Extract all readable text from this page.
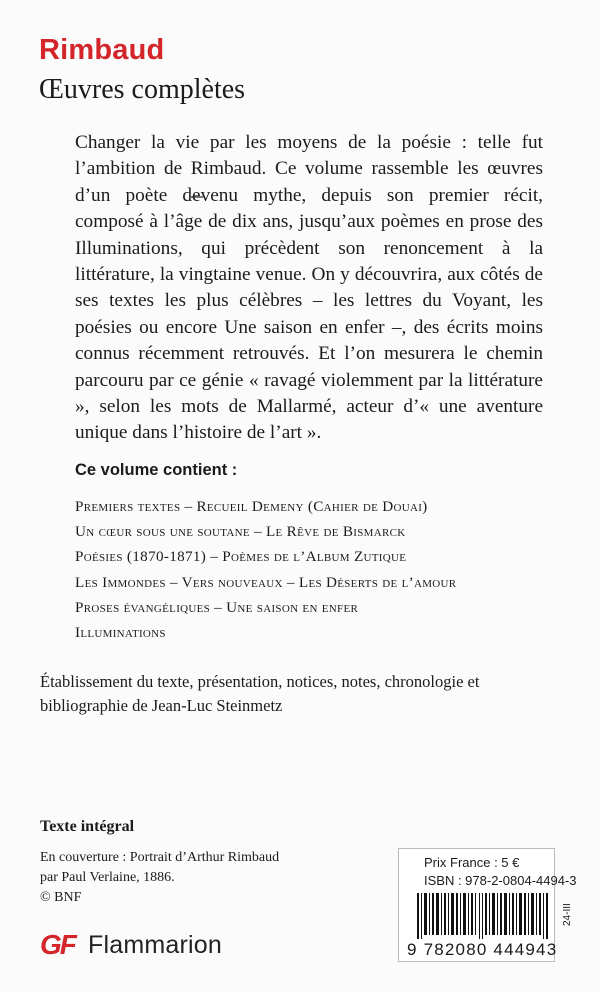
Rimbaud
Œuvres complètes

Changer la vie par les moyens de la poésie : telle fut l’ambition de Rimbaud. Ce volume rassemble les œuvres d’un poète devenu mythe, depuis son premier récit, composé à l’âge de dix ans, jusqu’aux poèmes en prose des Illuminations, qui précèdent son renoncement à la littérature, la vingtaine venue. On y découvrira, aux côtés de ses textes les plus célèbres – les lettres du Voyant, les poésies ou encore Une saison en enfer –, des écrits moins connus récemment retrouvés. Et l’on mesurera le chemin parcouru par ce génie « ravagé violemment par la littérature », selon les mots de Mallarmé, acteur d’« une aventure unique dans l’histoire de l’art ».

Ce volume contient :
Premiers textes – Recueil Demeny (Cahier de Douai)
Un cœur sous une soutane – Le Rêve de Bismarck
Poésies (1870-1871) – Poèmes de l’Album Zutique
Les Immondes – Vers nouveaux – Les Déserts de l’amour
Proses évangéliques – Une saison en enfer
Illuminations
Établissement du texte, présentation, notices, notes, chronologie et bibliographie de Jean-Luc Steinmetz
Texte intégral
En couverture : Portrait d’Arthur Rimbaud par Paul Verlaine, 1886.
© BNF
GF Flammarion
Prix France : 5 €
ISBN : 978-2-0804-4494-3
9 782080 444943
24-III
